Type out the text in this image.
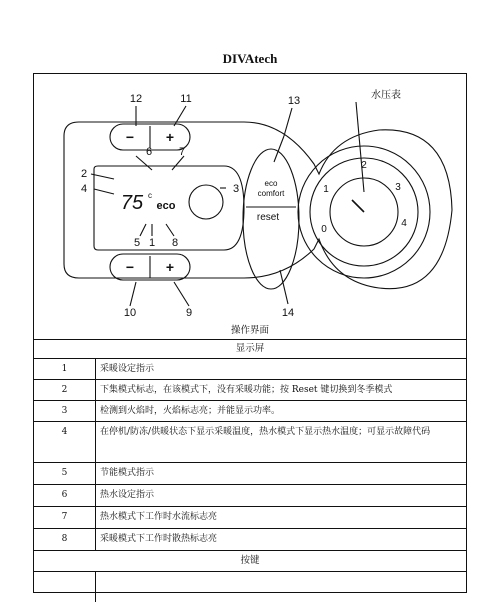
DIVAtech
12	11	13
6 7
2
4	3
5 1 8
10	9	14
水压表
− +
− +
75 c
eco
eco
comfort
reset
0
1
2
3
4
操作界面
显示屏
1	采暖设定指示
2	下集模式标志，在该模式下，没有采暖功能；按 Reset 键切换到冬季模式
3	检测到火焰时，火焰标志亮；并能显示功率。
4	在停机/防冻/供暖状态下显示采暖温度，热水模式下显示热水温度；可显示故障代码
5	节能模式指示
6	热水设定指示
7	热水模式下工作时水流标志亮
8	采暖模式下工作时散热标志亮
按键
